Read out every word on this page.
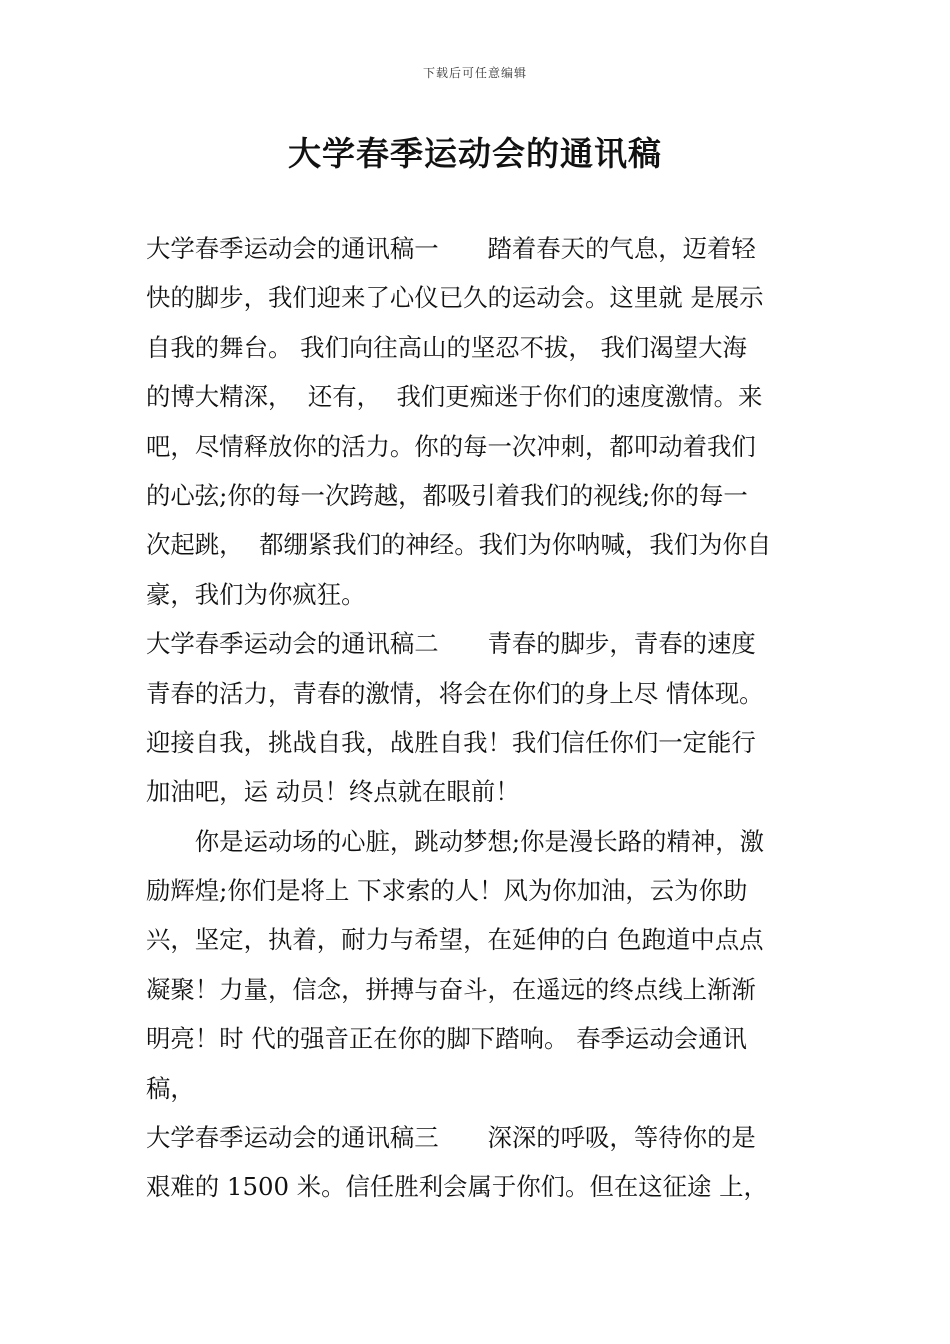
下载后可任意编辑
大学春季运动会的通讯稿
大学春季运动会的通讯稿一　　踏着春天的气息，迈着轻
快的脚步，我们迎来了心仪已久的运动会。这里就 是展示
自我的舞台。 我们向往高山的坚忍不拔， 我们渴望大海
的博大精深，  还有，  我们更痴迷于你们的速度激情。来
吧，尽情释放你的活力。你的每一次冲刺，都叩动着我们
的心弦;你的每一次跨越，都吸引着我们的视线;你的每一
次起跳，  都绷紧我们的神经。我们为你呐喊，我们为你自
豪，我们为你疯狂。
大学春季运动会的通讯稿二　　青春的脚步，青春的速度
青春的活力，青春的激情，将会在你们的身上尽 情体现。
迎接自我，挑战自我，战胜自我！我们信任你们一定能行
加油吧，运 动员！终点就在眼前！
　　你是运动场的心脏，跳动梦想;你是漫长路的精神，激
励辉煌;你们是将上 下求索的人！风为你加油，云为你助
兴，坚定，执着，耐力与希望，在延伸的白 色跑道中点点
凝聚！力量，信念，拼搏与奋斗，在遥远的终点线上渐渐
明亮！时 代的强音正在你的脚下踏响。 春季运动会通讯
稿，
大学春季运动会的通讯稿三　　深深的呼吸，等待你的是
艰难的 1500 米。信任胜利会属于你们。但在这征途 上，
